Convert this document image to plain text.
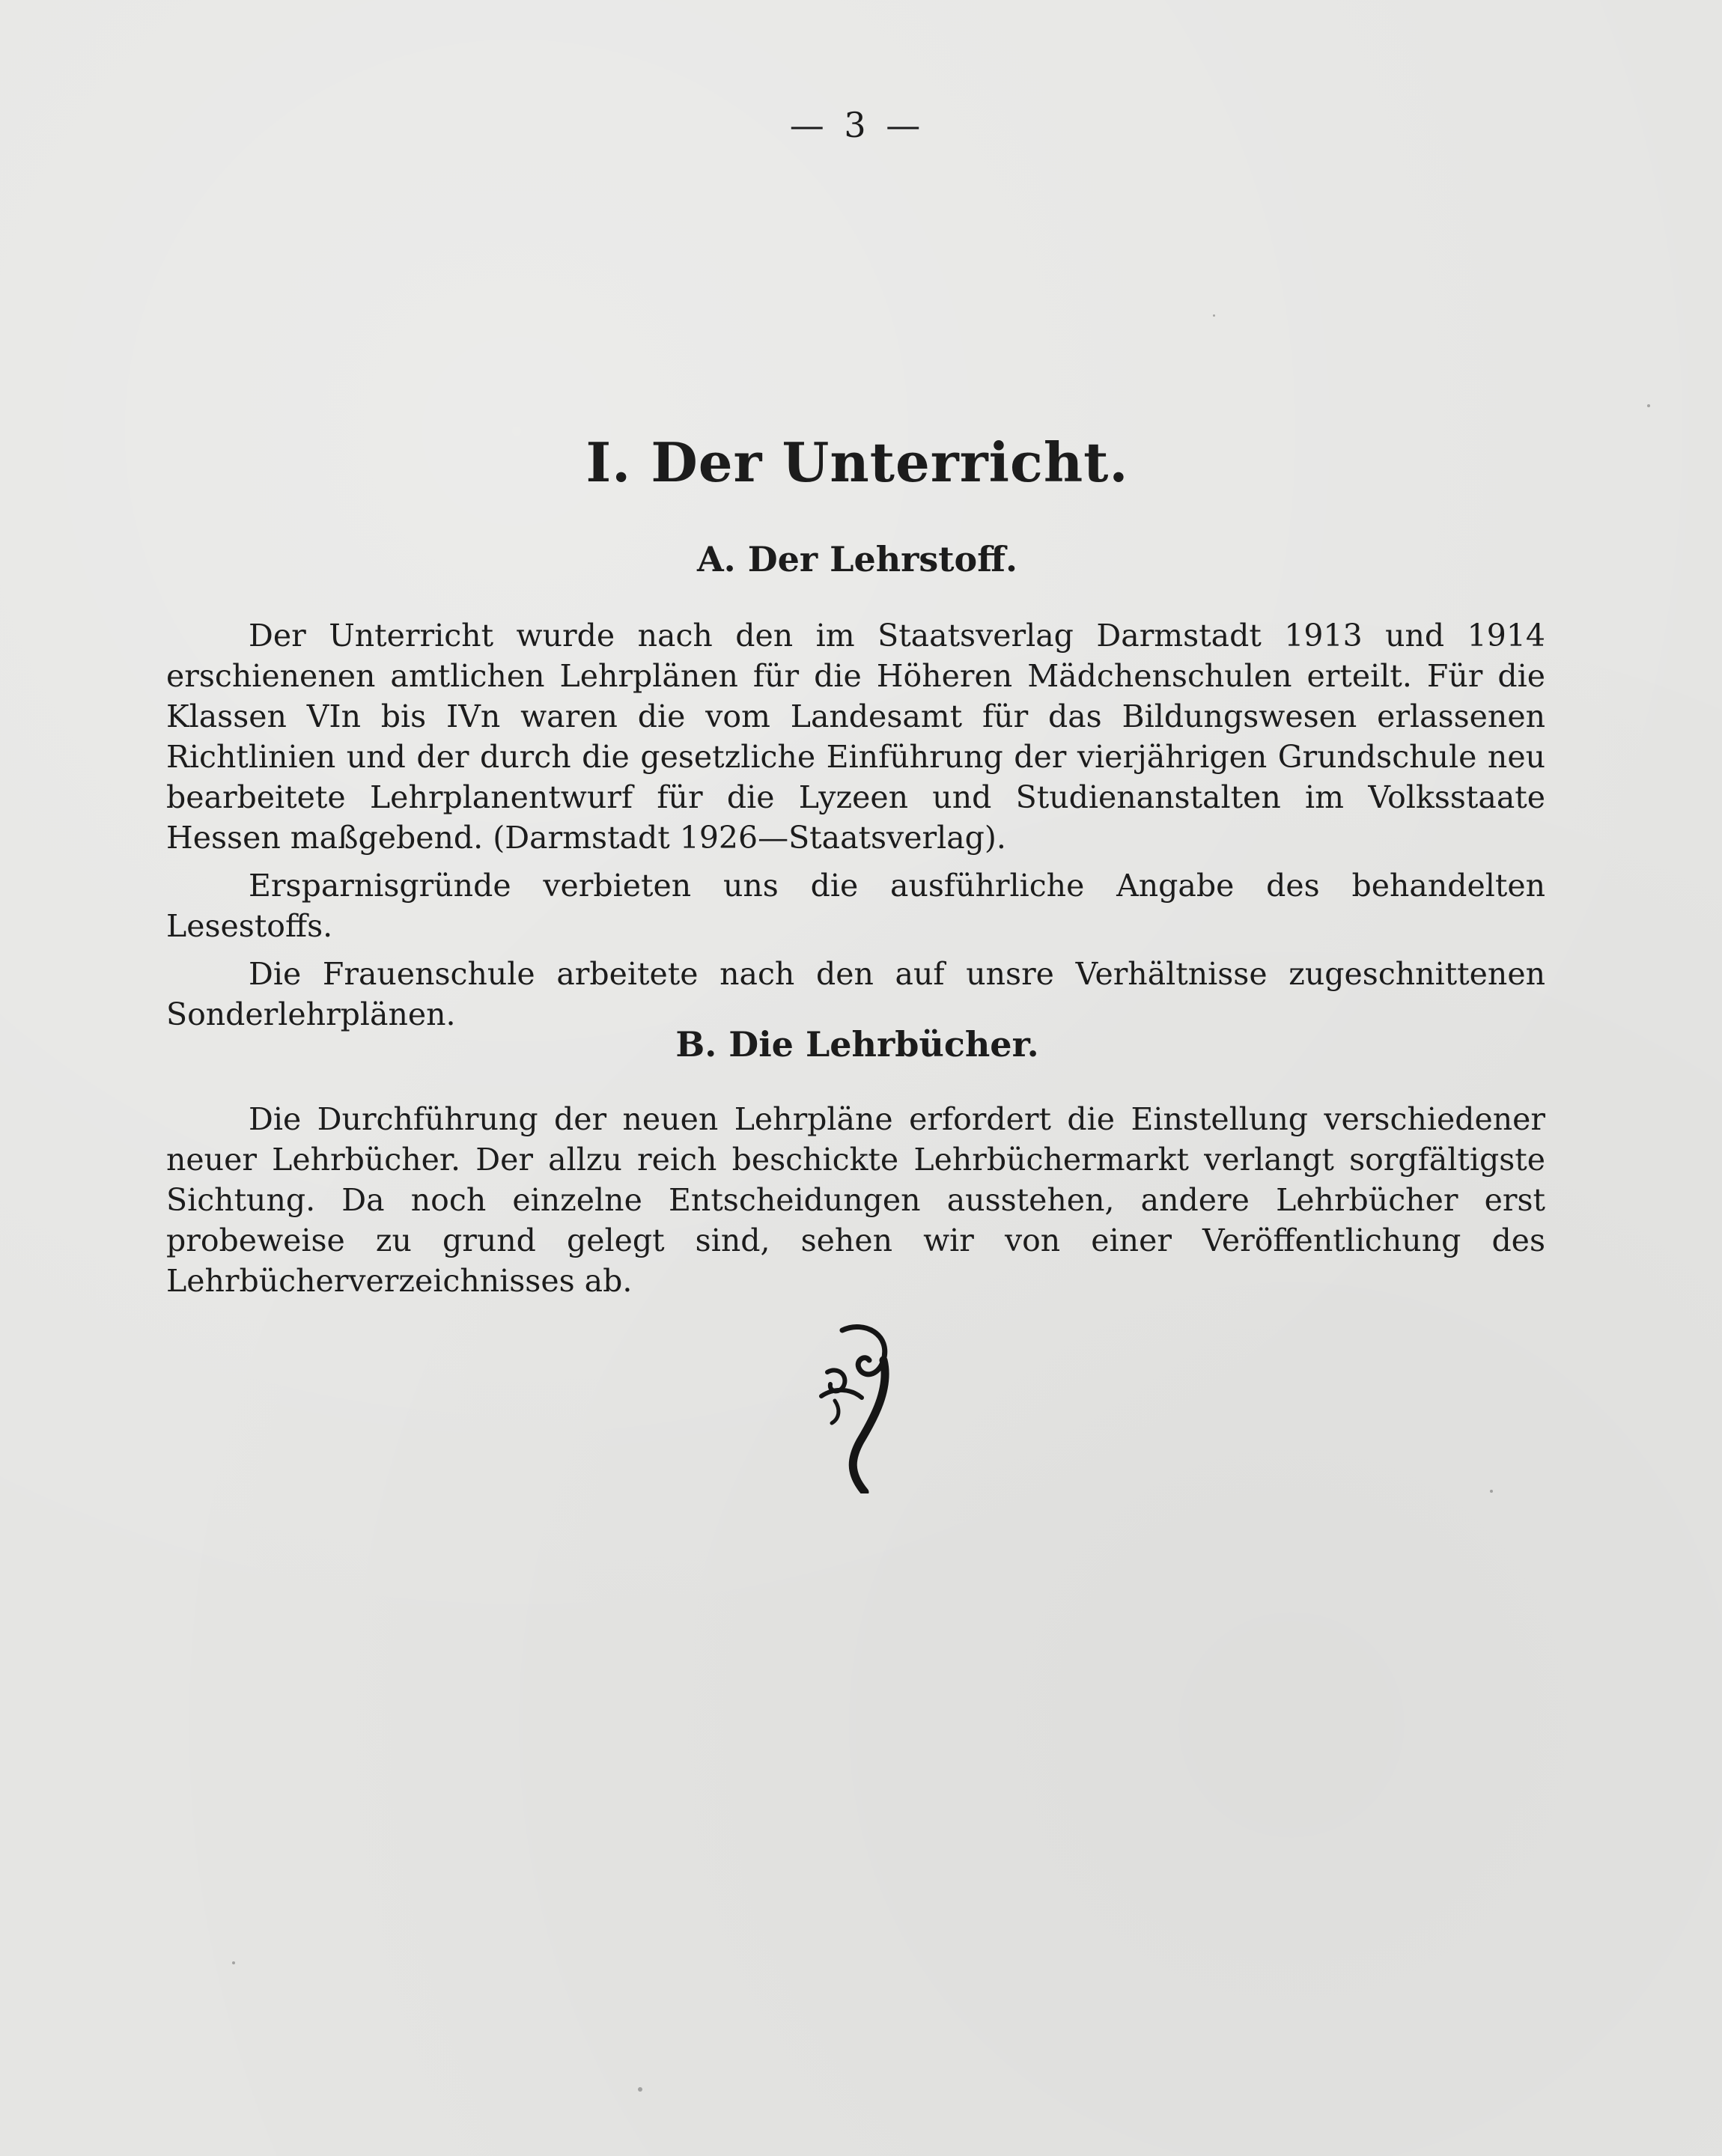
— 3 —
I. Der Unterricht.
A. Der Lehrstoff.

Der Unterricht wurde nach den im Staatsverlag Darmstadt 1913 und 1914 erschienenen amtlichen Lehrplänen für die Höheren Mädchenschulen erteilt. Für die Klassen VIn bis IVn waren die vom Landesamt für das Bildungswesen erlassenen Richtlinien und der durch die gesetzliche Einführung der vierjährigen Grundschule neu bearbeitete Lehrplanentwurf für die Lyzeen und Studienanstalten im Volksstaate Hessen maßgebend. (Darmstadt 1926—Staatsverlag).

Ersparnisgründe verbieten uns die ausführliche Angabe des behandelten Lesestoffs.

Die Frauenschule arbeitete nach den auf unsre Verhältnisse zugeschnittenen Sonderlehrplänen.

B. Die Lehrbücher.

Die Durchführung der neuen Lehrpläne erfordert die Einstellung verschiedener neuer Lehrbücher. Der allzu reich beschickte Lehrbüchermarkt verlangt sorgfältigste Sichtung. Da noch einzelne Entscheidungen ausstehen, andere Lehrbücher erst probeweise zu grund gelegt sind, sehen wir von einer Veröffentlichung des Lehrbücherverzeichnisses ab.
